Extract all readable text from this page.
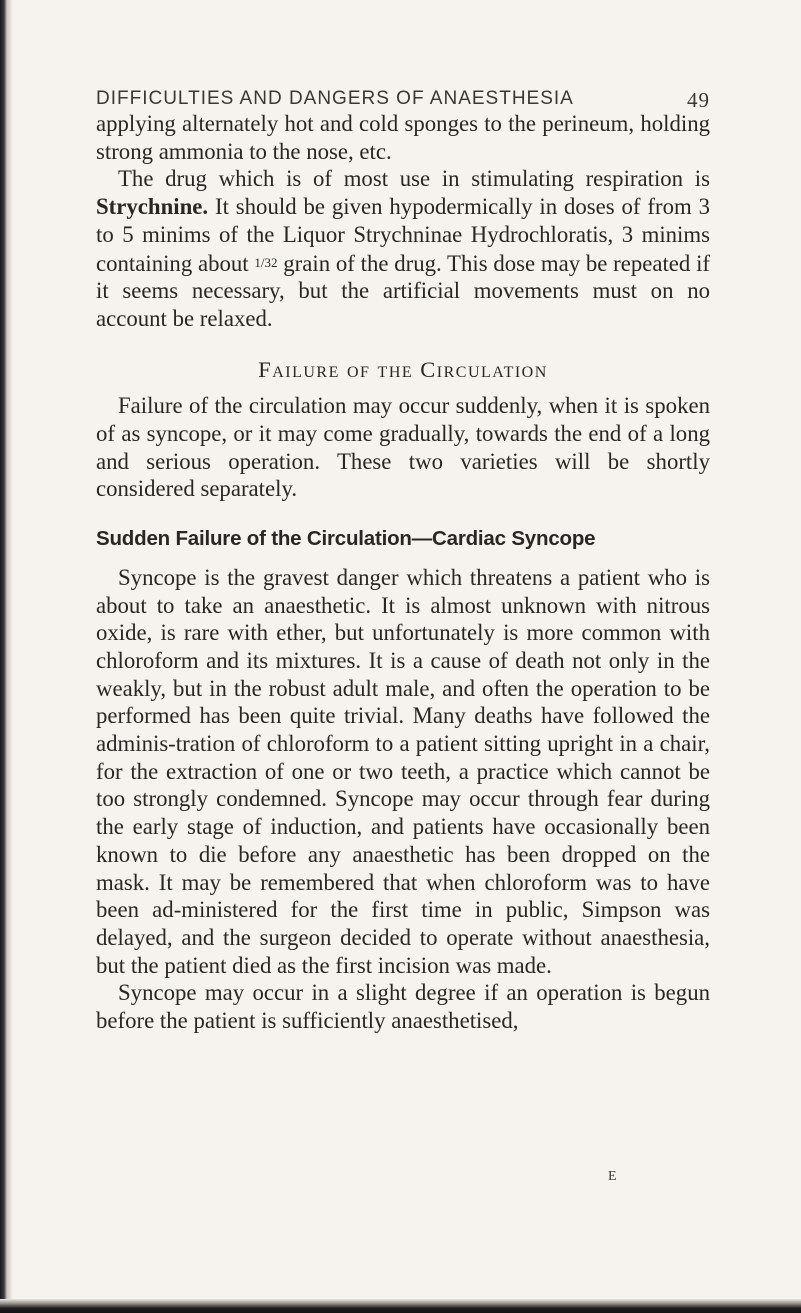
DIFFICULTIES AND DANGERS OF ANAESTHESIA	49

applying alternately hot and cold sponges to the perineum, holding strong ammonia to the nose, etc.

The drug which is of most use in stimulating respiration is Strychnine. It should be given hypodermically in doses of from 3 to 5 minims of the Liquor Strychninae Hydrochloratis, 3 minims containing about 1/32 grain of the drug. This dose may be repeated if it seems necessary, but the artificial movements must on no account be relaxed.

Failure of the Circulation

Failure of the circulation may occur suddenly, when it is spoken of as syncope, or it may come gradually, towards the end of a long and serious operation. These two varieties will be shortly considered separately.

Sudden Failure of the Circulation—Cardiac Syncope

Syncope is the gravest danger which threatens a patient who is about to take an anaesthetic. It is almost unknown with nitrous oxide, is rare with ether, but unfortunately is more common with chloroform and its mixtures. It is a cause of death not only in the weakly, but in the robust adult male, and often the operation to be performed has been quite trivial. Many deaths have followed the adminis-tration of chloroform to a patient sitting upright in a chair, for the extraction of one or two teeth, a practice which cannot be too strongly condemned. Syncope may occur through fear during the early stage of induction, and patients have occasionally been known to die before any anaesthetic has been dropped on the mask. It may be remembered that when chloroform was to have been ad-ministered for the first time in public, Simpson was delayed, and the surgeon decided to operate without anaesthesia, but the patient died as the first incision was made.

Syncope may occur in a slight degree if an operation is begun before the patient is sufficiently anaesthetised,

E
